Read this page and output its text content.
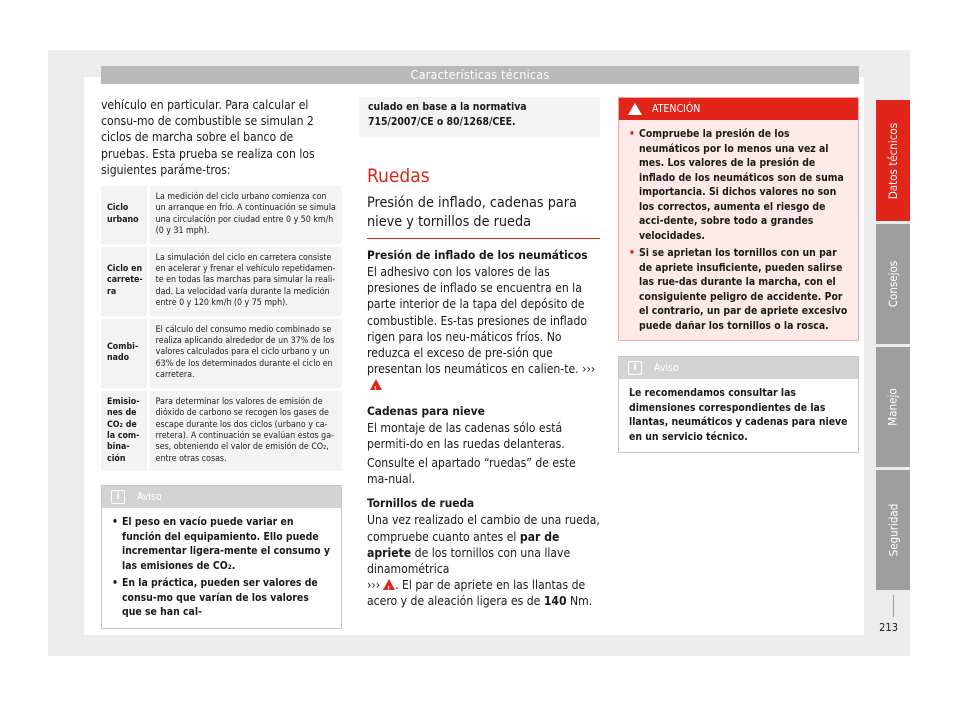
Características técnicas
Datos técnicos
Consejos
Manejo
Seguridad
213

vehículo en particular. Para calcular el consu-mo de combustible se simulan 2 ciclos de marcha sobre el banco de pruebas. Esta prueba se realiza con los siguientes paráme-tros:

Ciclo urbano	La medición del ciclo urbano comienza con un arranque en frío. A continuación se simula una circulación por ciudad entre 0 y 50 km/h (0 y 31 mph).
Ciclo en carrete-ra	La simulación del ciclo en carretera consiste en acelerar y frenar el vehículo repetidamen-te en todas las marchas para simular la reali-dad. La velocidad varía durante la medición entre 0 y 120 km/h (0 y 75 mph).
Combi-nado	El cálculo del consumo medio combinado se realiza aplicando alrededor de un 37% de los valores calculados para el ciclo urbano y un 63% de los determinados durante el ciclo en carretera.
Emisio-nes de CO₂ de la com-bina-ción	Para determinar los valores de emisión de dióxido de carbono se recogen los gases de escape durante los dos ciclos (urbano y ca-rretera). A continuación se evalúan estos ga-ses, obteniendo el valor de emisión de CO₂, entre otras cosas.
i	Aviso
• El peso en vacío puede variar en función del equipamiento. Ello puede incrementar ligera-mente el consumo y las emisiones de CO₂.
• En la práctica, pueden ser valores de consu-mo que varían de los valores que se han cal-
culado en base a la normativa 715/2007/CE o 80/1268/CEE.
Ruedas
Presión de inflado, cadenas para nieve y tornillos de rueda
Presión de inflado de los neumáticos

El adhesivo con los valores de las presiones de inflado se encuentra en la parte interior de la tapa del depósito de combustible. Es-tas presiones de inflado rigen para los neu-máticos fríos. No reduzca el exceso de pre-sión que presentan los neumáticos en calien-te. ›››!

Cadenas para nieve

El montaje de las cadenas sólo está permiti-do en las ruedas delanteras.

Consulte el apartado “ruedas” de este ma-nual.

Tornillos de rueda

Una vez realizado el cambio de una rueda, compruebe cuanto antes el par de apriete de los tornillos con una llave dinamométrica
››› ! . El par de apriete en las llantas de acero y de aleación ligera es de 140 Nm.

ATENCIÓN
• Compruebe la presión de los neumáticos por lo menos una vez al mes. Los valores de la presión de inflado de los neumáticos son de suma importancia. Si dichos valores no son los correctos, aumenta el riesgo de acci-dente, sobre todo a grandes velocidades.
• Si se aprietan los tornillos con un par de apriete insuficiente, pueden salirse las rue-das durante la marcha, con el consiguiente peligro de accidente. Por el contrario, un par de apriete excesivo puede dañar los tornillos o la rosca.
i	Aviso
Le recomendamos consultar las dimensiones correspondientes de las llantas, neumáticos y cadenas para nieve en un servicio técnico.
